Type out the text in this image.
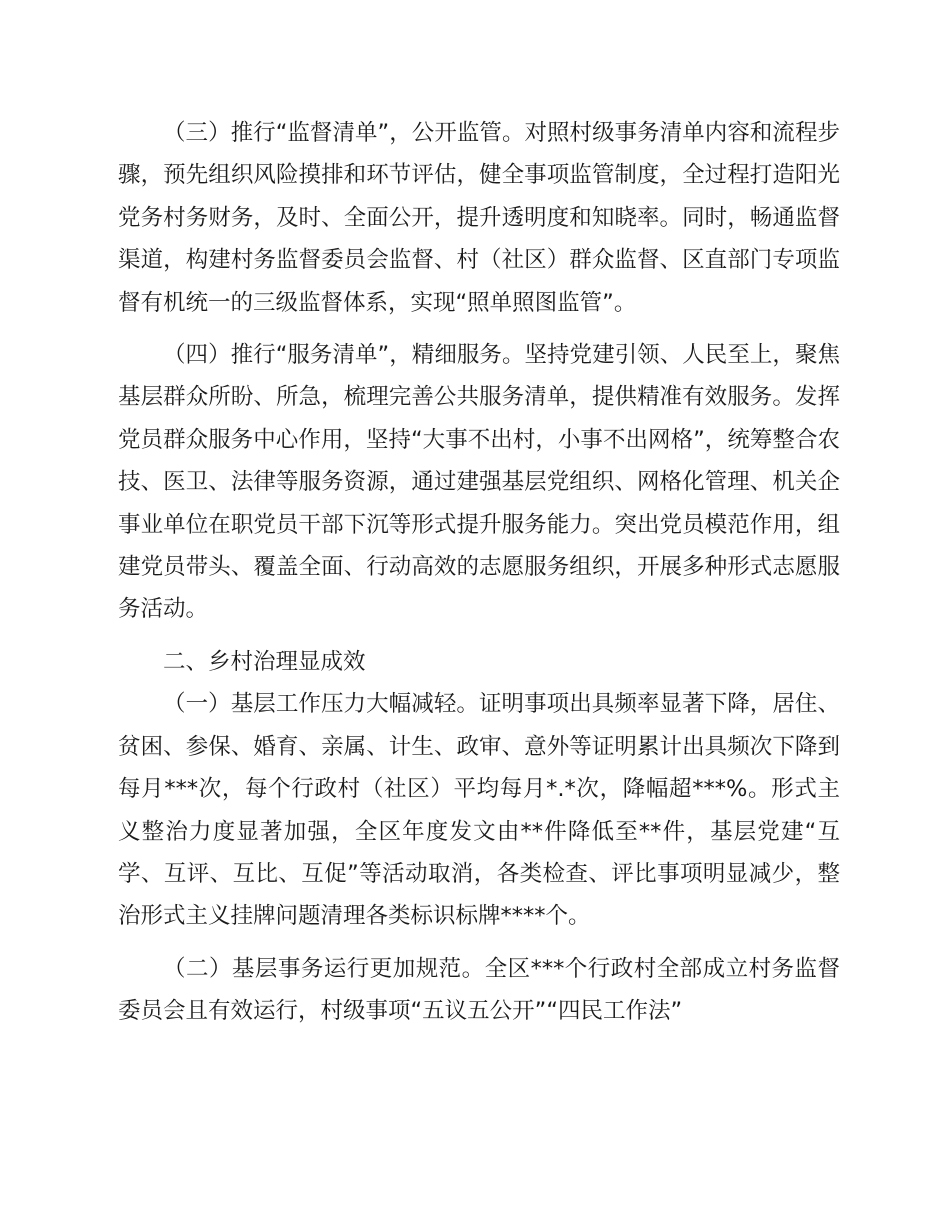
（三）推行“监督清单”，公开监管。对照村级事务清单内容和流程步骤，预先组织风险摸排和环节评估，健全事项监管制度，全过程打造阳光党务村务财务，及时、全面公开，提升透明度和知晓率。同时，畅通监督渠道，构建村务监督委员会监督、村（社区）群众监督、区直部门专项监督有机统一的三级监督体系，实现“照单照图监管”。

（四）推行“服务清单”，精细服务。坚持党建引领、人民至上，聚焦基层群众所盼、所急，梳理完善公共服务清单，提供精准有效服务。发挥党员群众服务中心作用，坚持“大事不出村，小事不出网格”，统筹整合农技、医卫、法律等服务资源，通过建强基层党组织、网格化管理、机关企事业单位在职党员干部下沉等形式提升服务能力。突出党员模范作用，组建党员带头、覆盖全面、行动高效的志愿服务组织，开展多种形式志愿服务活动。

二、乡村治理显成效

（一）基层工作压力大幅减轻。证明事项出具频率显著下降，居住、贫困、参保、婚育、亲属、计生、政审、意外等证明累计出具频次下降到每月***次，每个行政村（社区）平均每月*.*次，降幅超***%。形式主义整治力度显著加强，全区年度发文由**件降低至**件，基层党建“互学、互评、互比、互促”等活动取消，各类检查、评比事项明显减少，整治形式主义挂牌问题清理各类标识标牌****个。

（二）基层事务运行更加规范。全区***个行政村全部成立村务监督委员会且有效运行，村级事项“五议五公开”“四民工作法”
